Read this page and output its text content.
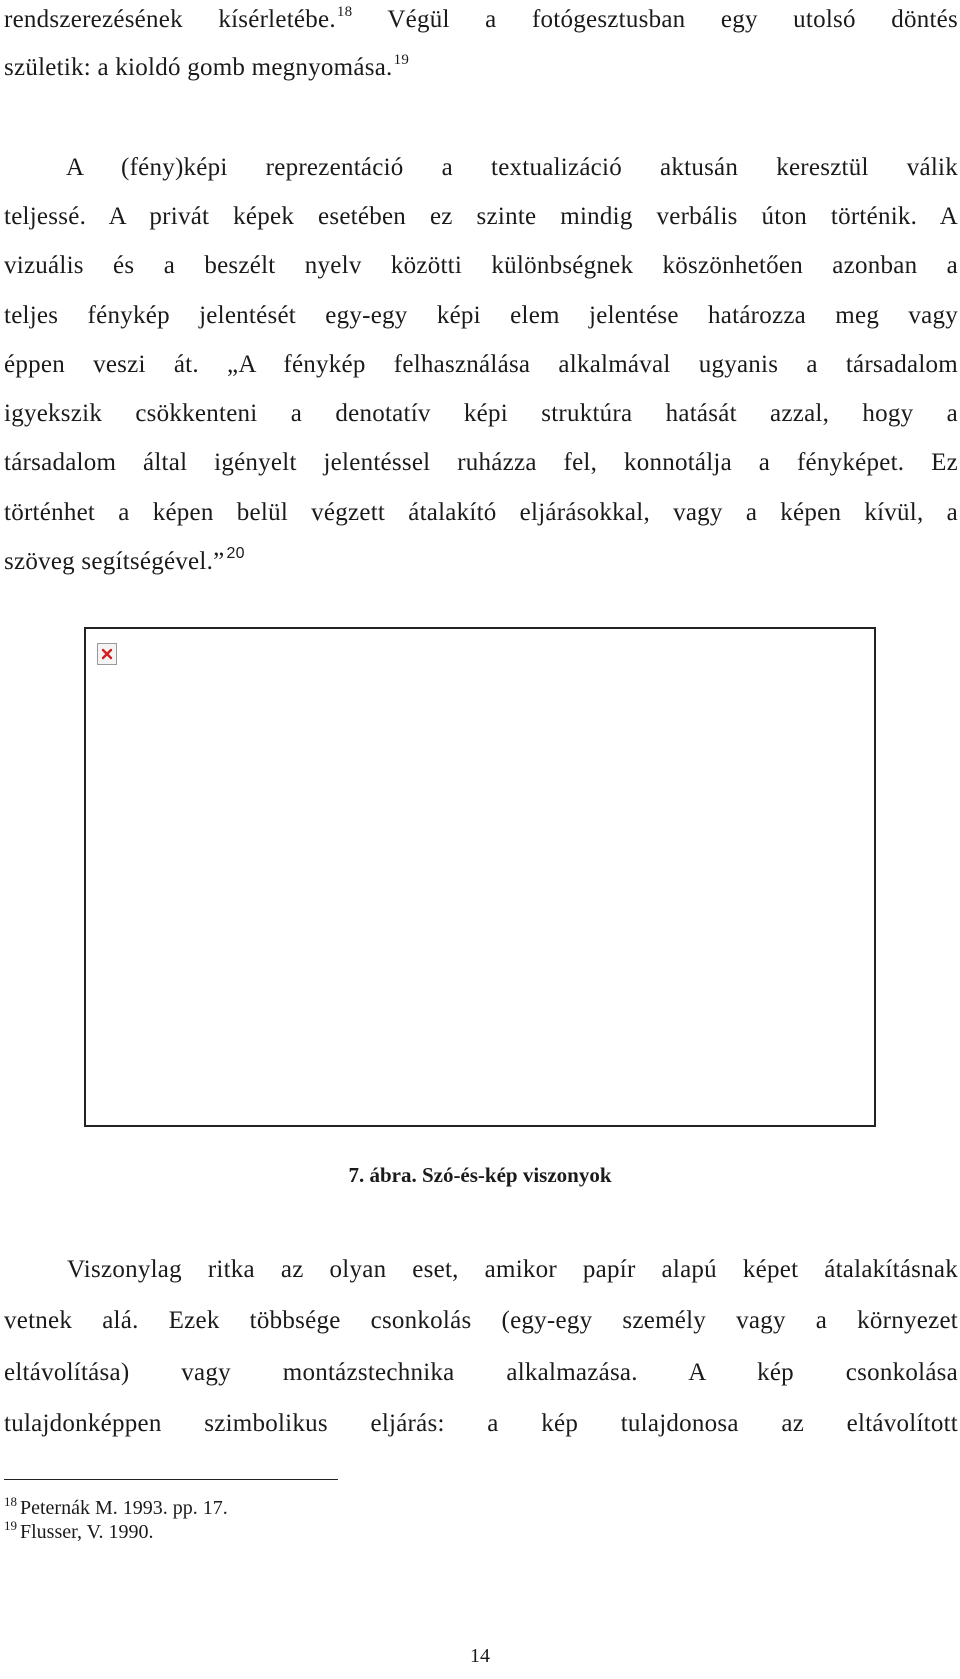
rendszerezésének kísérletébe.$^{18}$ Végül a fotógesztusban egy utolsó döntés
születik: a kioldó gomb megnyomása.$^{19}$
A (fény)képi reprezentáció a textualizáció aktusán keresztül válik
teljessé. A privát képek esetében ez szinte mindig verbális úton történik. A
vizuális és a beszélt nyelv közötti különbségnek köszönhetően azonban a
teljes fénykép jelentését egy-egy képi elem jelentése határozza meg vagy
éppen veszi át. „A fénykép felhasználása alkalmával ugyanis a társadalom
igyekszik csökkenteni a denotatív képi struktúra hatását azzal, hogy a
társadalom által igényelt jelentéssel ruházza fel, konnotálja a fényképet. Ez
történhet a képen belül végzett átalakító eljárásokkal, vagy a képen kívül, a
szöveg segítségével.” $^{20}$
7. ábra. Szó-és-kép viszonyok
Viszonylag ritka az olyan eset, amikor papír alapú képet átalakításnak
vetnek alá. Ezek többsége csonkolás (egy-egy személy vagy a környezet
eltávolítása) vagy montázstechnika alkalmazása. A kép csonkolása
tulajdonképpen szimbolikus eljárás: a kép tulajdonosa az eltávolított
$^{18}$ Peternák M. 1993. pp. 17.
$^{19}$ Flusser, V. 1990.
14
